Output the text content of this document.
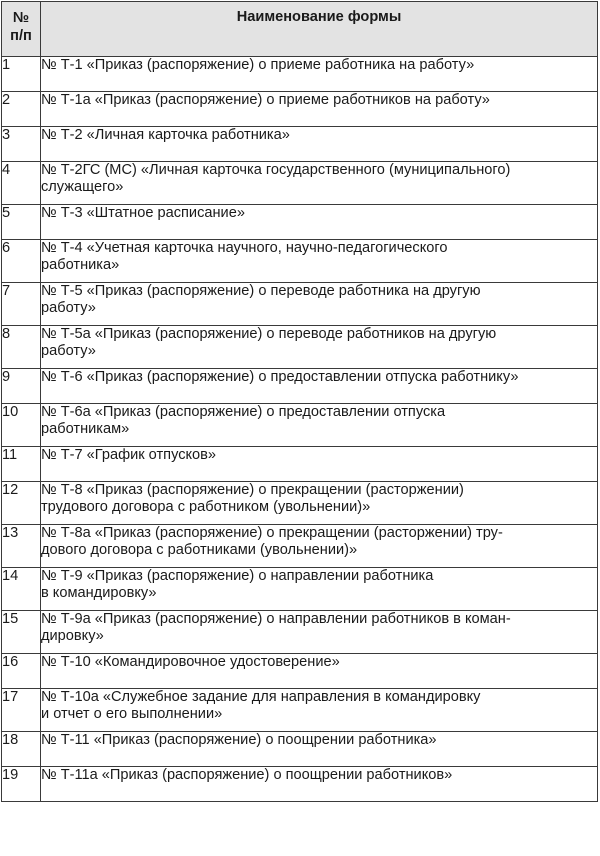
№
п/п	Наименование формы

1	№ Т-1 «Приказ (распоряжение) о приеме работника на работу»

2	№ Т-1а «Приказ (распоряжение) о приеме работников на работу»

3	№ Т-2 «Личная карточка работника»

4	№ Т-2ГС (МС) «Личная карточка государственного (муниципального)
служащего»

5	№ Т-3 «Штатное расписание»

6	№ Т-4 «Учетная карточка научного, научно-педагогического
работника»

7	№ Т-5 «Приказ (распоряжение) о переводе работника на другую
работу»

8	№ Т-5а «Приказ (распоряжение) о переводе работников на другую
работу»

9	№ Т-6 «Приказ (распоряжение) о предоставлении отпуска работнику»

10	№ Т-6а «Приказ (распоряжение) о предоставлении отпуска
работникам»

11	№ Т-7 «График отпусков»

12	№ Т-8 «Приказ (распоряжение) о прекращении (расторжении)
трудового договора с работником (увольнении)»

13	№ Т-8а «Приказ (распоряжение) о прекращении (расторжении) тру-
дового договора с работниками (увольнении)»

14	№ Т-9 «Приказ (распоряжение) о направлении работника
в командировку»

15	№ Т-9а «Приказ (распоряжение) о направлении работников в коман-
дировку»

16	№ Т-10 «Командировочное удостоверение»

17	№ Т-10а «Служебное задание для направления в командировку
и отчет о его выполнении»

18	№ Т-11 «Приказ (распоряжение) о поощрении работника»

19	№ Т-11а «Приказ (распоряжение) о поощрении работников»
